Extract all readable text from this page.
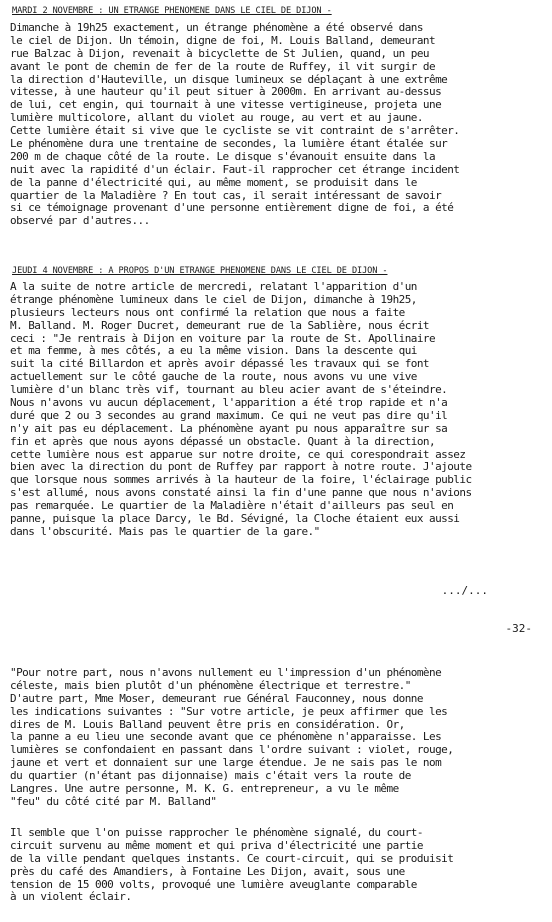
MARDI 2 NOVEMBRE : UN ETRANGE PHENOMENE DANS LE CIEL DE DIJON -
Dimanche à 19h25 exactement, un étrange phénomène a été observé dans
le ciel de Dijon. Un témoin, digne de foi, M. Louis Balland, demeurant
rue Balzac à Dijon, revenait à bicyclette de St Julien, quand, un peu
avant le pont de chemin de fer de la route de Ruffey, il vit surgir de
la direction d'Hauteville, un disque lumineux se déplaçant à une extrême
vitesse, à une hauteur qu'il peut situer à 2000m. En arrivant au-dessus
de lui, cet engin, qui tournait à une vitesse vertigineuse, projeta une
lumière multicolore, allant du violet au rouge, au vert et au jaune.
Cette lumière était si vive que le cycliste se vit contraint de s'arrêter.
Le phénomène dura une trentaine de secondes, la lumière étant étalée sur
200 m de chaque côté de la route. Le disque s'évanouit ensuite dans la
nuit avec la rapidité d'un éclair. Faut-il rapprocher cet étrange incident
de la panne d'électricité qui, au même moment, se produisit dans le
quartier de la Maladière ? En tout cas, il serait intéressant de savoir
si ce témoignage provenant d'une personne entièrement digne de foi, a été
observé par d'autres...
JEUDI 4 NOVEMBRE : A PROPOS D'UN ETRANGE PHENOMENE DANS LE CIEL DE DIJON -
A la suite de notre article de mercredi, relatant l'apparition d'un
étrange phénomène lumineux dans le ciel de Dijon, dimanche à 19h25,
plusieurs lecteurs nous ont confirmé la relation que nous a faite
M. Balland. M. Roger Ducret, demeurant rue de la Sablière, nous écrit
ceci : "Je rentrais à Dijon en voiture par la route de St. Apollinaire
et ma femme, à mes côtés, a eu la même vision. Dans la descente qui
suit la cité Billardon et après avoir dépassé les travaux qui se font
actuellement sur le côté gauche de la route, nous avons vu une vive
lumière d'un blanc très vif, tournant au bleu acier avant de s'éteindre.
Nous n'avons vu aucun déplacement, l'apparition a été trop rapide et n'a
duré que 2 ou 3 secondes au grand maximum. Ce qui ne veut pas dire qu'il
n'y ait pas eu déplacement. La phénomène ayant pu nous apparaître sur sa
fin et après que nous ayons dépassé un obstacle. Quant à la direction,
cette lumière nous est apparue sur notre droite, ce qui corespondrait assez
bien avec la direction du pont de Ruffey par rapport à notre route. J'ajoute
que lorsque nous sommes arrivés à la hauteur de la foire, l'éclairage public
s'est allumé, nous avons constaté ainsi la fin d'une panne que nous n'avions
pas remarquée. Le quartier de la Maladière n'était d'ailleurs pas seul en
panne, puisque la place Darcy, le Bd. Sévigné, la Cloche étaient eux aussi
dans l'obscurité. Mais pas le quartier de la gare."
.../...
-32-
"Pour notre part, nous n'avons nullement eu l'impression d'un phénomène
céleste, mais bien plutôt d'un phénomène électrique et terrestre."
D'autre part, Mme Moser, demeurant rue Général Fauconney, nous donne
les indications suivantes : "Sur votre article, je peux affirmer que les
dires de M. Louis Balland peuvent être pris en considération. Or,
la panne a eu lieu une seconde avant que ce phénomène n'apparaisse. Les
lumières se confondaient en passant dans l'ordre suivant : violet, rouge,
jaune et vert et donnaient sur une large étendue. Je ne sais pas le nom
du quartier (n'étant pas dijonnaise) mais c'était vers la route de
Langres. Une autre personne, M. K. G. entrepreneur, a vu le même
"feu" du côté cité par M. Balland"
Il semble que l'on puisse rapprocher le phénomène signalé, du court-
circuit survenu au même moment et qui priva d'électricité une partie
de la ville pendant quelques instants. Ce court-circuit, qui se produisit
près du café des Amandiers, à Fontaine Les Dijon, avait, sous une
tension de 15 000 volts, provoqué une lumière aveuglante comparable
à un violent éclair.
